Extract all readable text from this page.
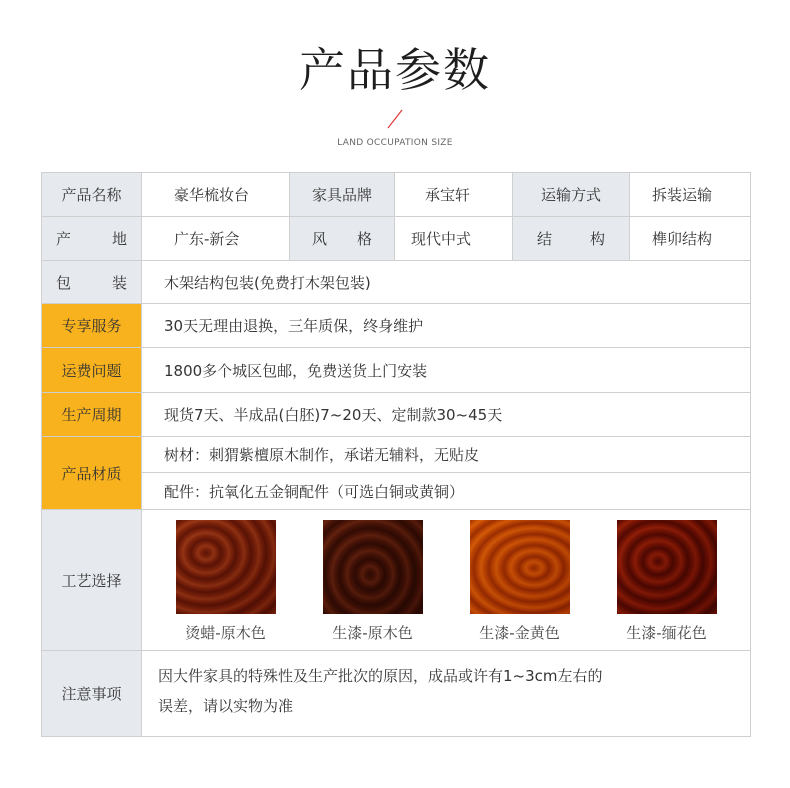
产品参数
LAND OCCUPATION SIZE
产品名称	豪华梳妆台	家具品牌	承宝轩	运输方式	拆装运输

产 地	广东-新会	风 格	现代中式	结 构	榫卯结构

包 装	木架结构包装(免费打木架包装)				
专享服务	30天无理由退换，三年质保，终身维护				
运费问题	1800多个城区包邮，免费送货上门安装				
生产周期	现货7天、半成品(白胚)7~20天、定制款30~45天				
产品材质	树材：刺猬紫檀原木制作，承诺无辅料，无贴皮				
	配件：抗氧化五金铜配件（可选白铜或黄铜）				
工艺选择	烫蜡-原木色 生漆-原木色 生漆-金黄色 生漆-缅花色				

注意事项	因大件家具的特殊性及生产批次的原因，成品或许有1~3cm左右的
误差，请以实物为准				
